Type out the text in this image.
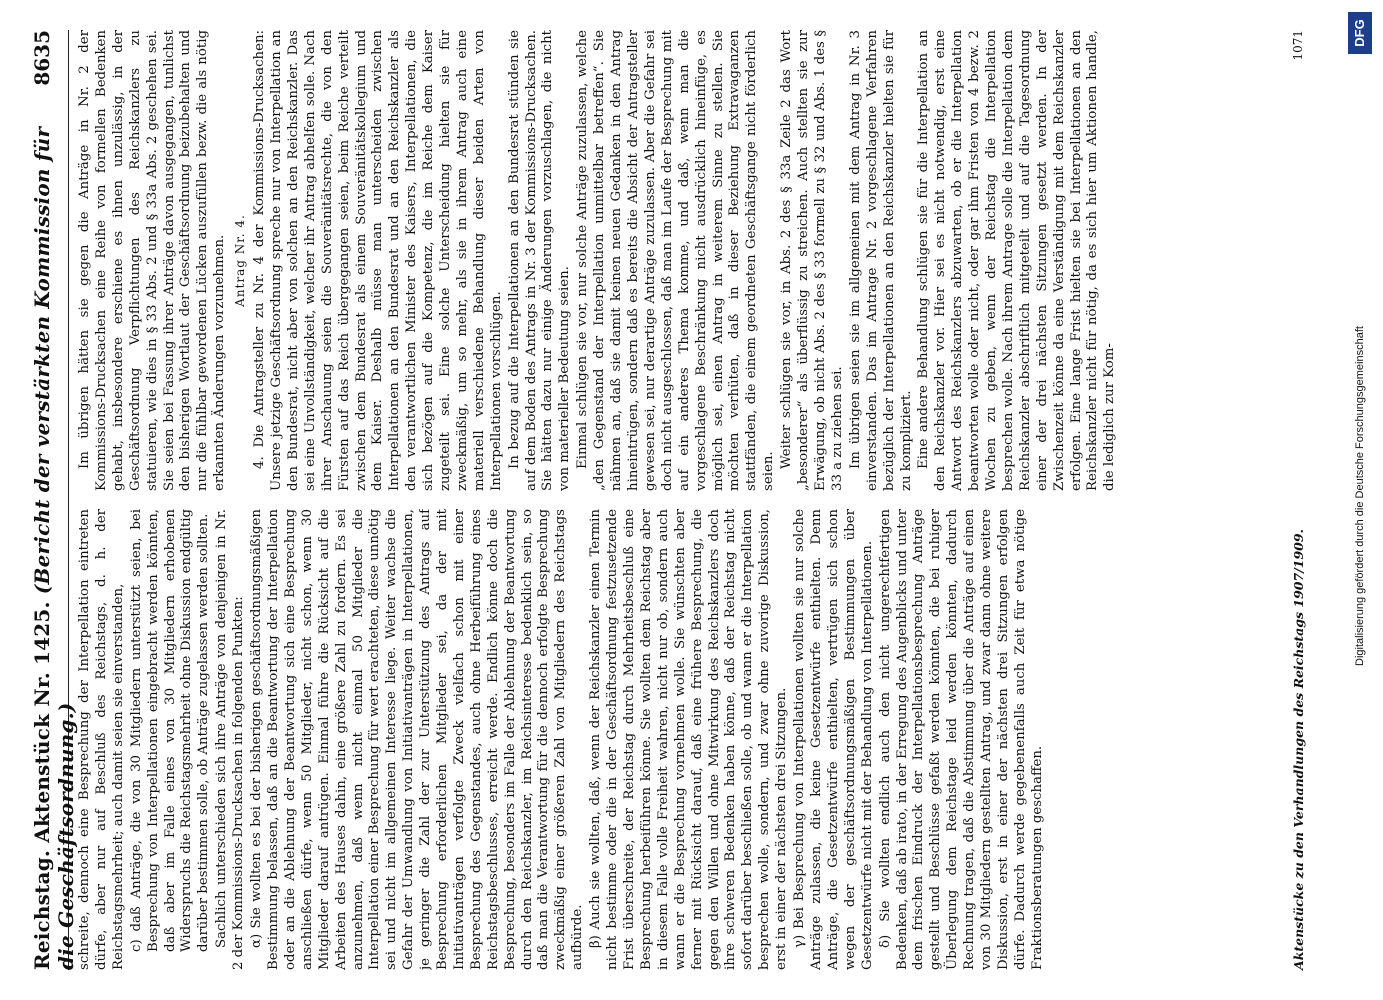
Reichstag. Aktenstück Nr. 1425. (Bericht der verstärkten Kommission für die Geschäftsordnung.)
8635

schreite, dennoch eine Besprechung der Interpellation eintreten dürfe, aber nur auf Beschluß des Reichstags, d. h. der Reichstagsmehrheit; auch damit seien sie einverstanden, c) daß Anträge, die von 30 Mitgliedern unterstützt seien, bei Besprechung von Interpellationen eingebracht werden könnten, daß aber im Falle eines von 30 Mitgliedern erhobenen Widerspruchs die Reichstagsmehrheit ohne Diskussion endgültig darüber bestimmen solle, ob Anträge zugelassen werden sollten. Sachlich unterschieden sich ihre Anträge von denjenigen in Nr. 2 der Kommissions-Drucksachen in folgenden Punkten: α) Sie wollten es bei der bisherigen geschäftsordnungsmäßigen Bestimmung belassen, daß an die Beantwortung der Interpellation oder an die Ablehnung der Beantwortung sich eine Besprechung anschließen dürfe, wenn 50 Mitglieder, nicht schon, wenn 30 Mitglieder darauf antrügen. Einmal führe die Rücksicht auf die Arbeiten des Hauses dahin, eine größere Zahl zu fordern. Es sei anzunehmen, daß wenn nicht einmal 50 Mitglieder die Interpellation einer Besprechung für wert erachteten, diese unnötig sei und nicht im allgemeinen Interesse liege. Weiter wachse die Gefahr der Umwandlung von Initiativanträgen in Interpellationen, je geringer die Zahl der zur Unterstützung des Antrags auf Besprechung erforderlichen Mitglieder sei, da der mit Initiativanträgen verfolgte Zweck vielfach schon mit einer Besprechung des Gegenstandes, auch ohne Herbeiführung eines Reichstagsbeschlusses, erreicht werde. Endlich könne doch die Besprechung, besonders im Falle der Ablehnung der Beantwortung durch den Reichskanzler, im Reichsinteresse bedenklich sein, so daß man die Verantwortung für die dennoch erfolgte Besprechung zweckmäßig einer größeren Zahl von Mitgliedern des Reichstags aufbürde. β) Auch sie wollten, daß, wenn der Reichskanzler einen Termin nicht bestimme oder die in der Geschäftsordnung festzusetzende Frist überschreite, der Reichstag durch Mehrheitsbeschluß eine Besprechung herbeiführen könne. Sie wollten dem Reichstag aber in diesem Falle volle Freiheit wahren, nicht nur ob, sondern auch wann er die Besprechung vornehmen wolle. Sie wünschten aber ferner mit Rücksicht darauf, daß eine frühere Besprechung, die gegen den Willen und ohne Mitwirkung des Reichskanzlers doch ihre schweren Bedenken haben könne, daß der Reichstag nicht sofort darüber beschließen solle, ob und wann er die Interpellation besprechen wolle, sondern, und zwar ohne zuvorige Diskussion, erst in einer der nächsten drei Sitzungen. γ) Bei Besprechung von Interpellationen wollten sie nur solche Anträge zulassen, die keine Gesetzentwürfe enthielten. Denn Anträge, die Gesetzentwürfe enthielten, vertrügen sich schon wegen der geschäftsordnungsmäßigen Bestimmungen über Gesetzentwürfe nicht mit der Behandlung von Interpellationen. δ) Sie wollten endlich auch den nicht ungerechtfertigen Bedenken, daß ab irato, in der Erregung des Augenblicks und unter dem frischen Eindruck der Interpellationsbesprechung Anträge gestellt und Beschlüsse gefaßt werden könnten, die bei ruhiger Überlegung dem Reichstage leid werden könnten, dadurch Rechnung tragen, daß die Abstimmung über die Anträge auf einen von 30 Mitgliedern gestellten Antrag, und zwar dann ohne weitere Diskussion, erst in einer der nächsten drei Sitzungen erfolgen dürfe. Dadurch werde gegebenenfalls auch Zeit für etwa nötige Fraktionsberatungen geschaffen.

Im übrigen hätten sie gegen die Anträge in Nr. 2 der Kommissions-Drucksachen eine Reihe von formellen Bedenken gehabt, insbesondere erschiene es ihnen unzulässig, in der Geschäftsordnung Verpflichtungen des Reichskanzlers zu statuieren, wie dies in § 33 Abs. 2 und § 33a Abs. 2 geschehen sei. Sie seien bei Fassung ihrer Anträge davon ausgegangen, tunlichst den bisherigen Wortlaut der Geschäftsordnung beizubehalten und nur die fühlbar gewordenen Lücken auszufüllen bezw. die als nötig erkannten Änderungen vorzunehmen. Antrag Nr. 4. 4. Die Antragsteller zu Nr. 4 der Kommissions-Drucksachen: Unsere jetzige Geschäftsordnung spreche nur von Interpellation an den Bundesrat, nicht aber von solchen an den Reichskanzler. Das sei eine Unvollständigkeit, welcher ihr Antrag abhelfen solle. Nach ihrer Anschauung seien die Souveränitätsrechte, die von den Fürsten auf das Reich übergegangen seien, beim Reiche verteilt zwischen dem Bundesrat als einem Souveränitätskollegium und dem Kaiser. Deshalb müsse man unterscheiden zwischen Interpellationen an den Bundesrat und an den Reichskanzler als den verantwortlichen Minister des Kaisers, Interpellationen, die sich bezögen auf die Kompetenz, die im Reiche dem Kaiser zugeteilt sei. Eine solche Unterscheidung hielten sie für zweckmäßig, um so mehr, als sie in ihrem Antrag auch eine materiell verschiedene Behandlung dieser beiden Arten von Interpellationen vorschlügen. In bezug auf die Interpellationen an den Bundesrat stünden sie auf dem Boden des Antrags in Nr. 3 der Kommissions-Drucksachen. Sie hätten dazu nur einige Änderungen vorzuschlagen, die nicht von materieller Bedeutung seien. Einmal schlügen sie vor, nur solche Anträge zuzulassen, welche „den Gegenstand der Interpellation unmittelbar betreffen“. Sie nähmen an, daß sie damit keinen neuen Gedanken in den Antrag hineintrügen, sondern daß es bereits die Absicht der Antragsteller gewesen sei, nur derartige Anträge zuzulassen. Aber die Gefahr sei doch nicht ausgeschlossen, daß man im Laufe der Besprechung mit auf ein anderes Thema komme, und daß, wenn man die vorgeschlagene Beschränkung nicht ausdrücklich hineinfüge, es möglich sei, einen Antrag in weiterem Sinne zu stellen. Sie möchten verhüten, daß in dieser Beziehung Extravaganzen stattfänden, die einem geordneten Geschäftsgange nicht förderlich seien.

Weiter schlügen sie vor, in Abs. 2 des § 33a Zeile 2 das Wort „besonderer“ als überflüssig zu streichen. Auch stellten sie zur Erwägung, ob nicht Abs. 2 des § 33 formell zu § 32 und Abs. 1 des § 33 a zu ziehen sei. Im übrigen seien sie im allgemeinen mit dem Antrag in Nr. 3 einverstanden. Das im Antrage Nr. 2 vorgeschlagene Verfahren bezüglich der Interpellationen an den Reichskanzler hielten sie für zu kompliziert. Eine andere Behandlung schlügen sie für die Interpellation an den Reichskanzler vor. Hier sei es nicht notwendig, erst eine Antwort des Reichskanzlers abzuwarten, ob er die Interpellation beantworten wolle oder nicht, oder gar ihm Fristen von 4 bezw. 2 Wochen zu geben, wenn der Reichstag die Interpellation besprechen wolle. Nach ihrem Antrage solle die Interpellation dem Reichskanzler abschriftlich mitgeteilt und auf die Tagesordnung einer der drei nächsten Sitzungen gesetzt werden. In der Zwischenzeit könne da eine Verständigung mit dem Reichskanzler erfolgen. Eine lange Frist hielten sie bei Interpellationen an den Reichskanzler nicht für nötig, da es sich hier um Aktionen handle, die lediglich zur Kom-

Aktenstücke zu den Verhandlungen des Reichstags 1907/1909.
1071	DFG
Digitalisierung gefördert durch die Deutsche Forschungsgemeinschaft
